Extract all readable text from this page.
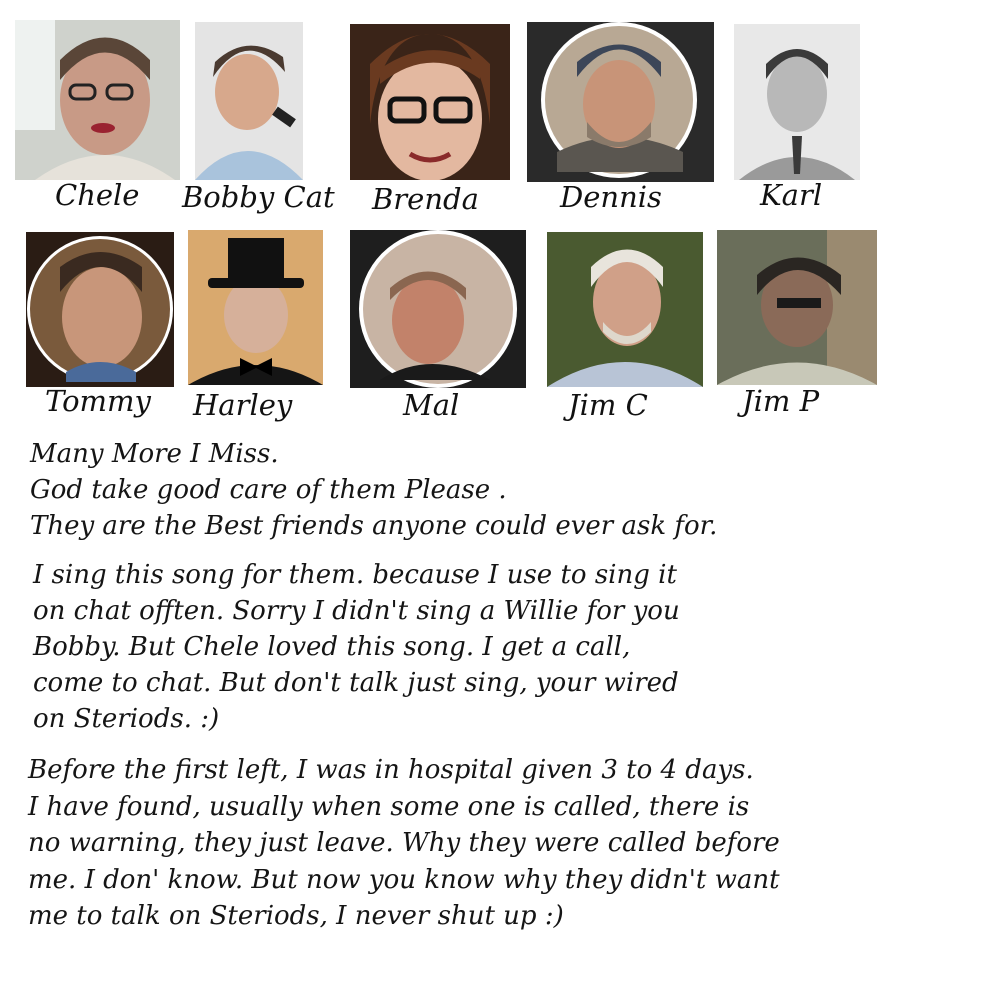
Chele Bobby Cat Brenda	Dennis	Karl
Tommy Harley	Mal	Jim C	Jim P
Many More I Miss.
God take good care of them Please .
They are the Best friends anyone could ever ask for.
I sing this song for them. because I use to sing it
on chat offten. Sorry I didn't sing a Willie for you
Bobby. But Chele loved this song. I get a call,
come to chat. But don't talk just sing, your wired
on Steriods. :)
Before the first left, I was in hospital given 3 to 4 days.
I have found, usually when some one is called, there is
no warning, they just leave. Why they were called before
me. I don' know. But now you know why they didn't want
me to talk on Steriods, I never shut up :)
